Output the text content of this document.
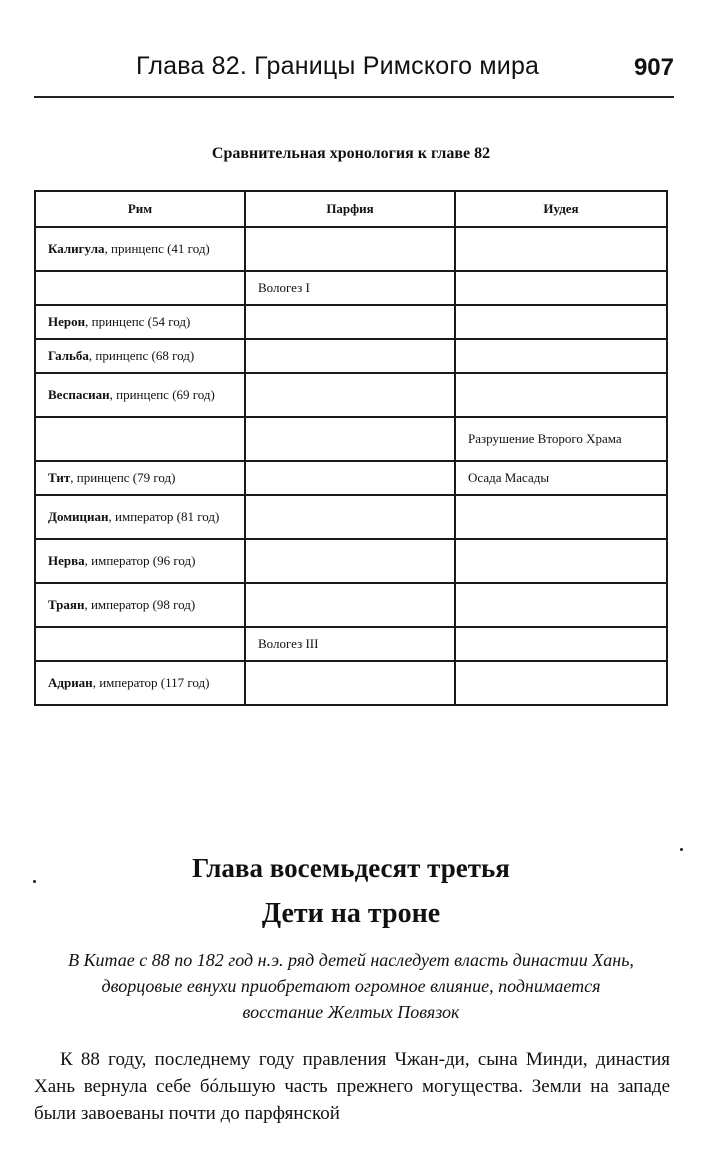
Глава 82. Границы Римского мира	907
Сравнительная хронология к главе 82
Рим	Парфия	Иудея
Калигула, принцепс (41 год)		
	Вологез I	
Нерон, принцепс (54 год)		
Гальба, принцепс (68 год)		
Веспасиан, принцепс (69 год)		
		Разрушение Второго Храма
Тит, принцепс (79 год)		Осада Масады
Домициан, император (81 год)		
Нерва, император (96 год)		
Траян, император (98 год)		
	Вологез III	
Адриан, император (117 год)		
Глава восемьдесят третья
Дети на троне
В Китае с 88 по 182 год н.э. ряд детей наследует власть династии Хань, дворцовые евнухи приобретают огромное влияние, поднимается восстание Желтых Повязок
К 88 году, последнему году правления Чжан-ди, сына Минди, династия Хань вернула себе бóльшую часть прежнего могущества. Земли на западе были завоеваны почти до парфянской
